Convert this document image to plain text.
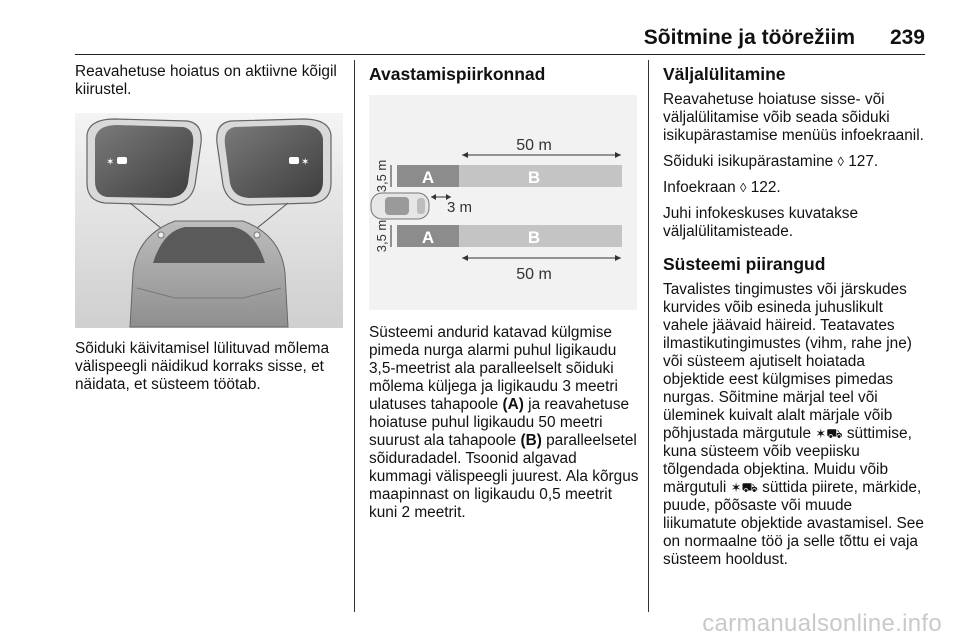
Sõitmine ja töörežiim 239

Reavahetuse hoiatus on aktiivne kõigil kiirustel.

✶	✶

Sõiduki käivitamisel lülituvad mõlema välispeegli näidikud korraks sisse, et näidata, et süsteem töötab.

Avastamispiirkonnad
A	B
A	B
50 m
50 m
3,5 m
3,5 m
3 m

Süsteemi andurid katavad külgmise pimeda nurga alarmi puhul ligikaudu 3,5-meetrist ala paralleelselt sõiduki mõlema küljega ja ligikaudu 3 meetri ulatuses tahapoole (A) ja reavahetuse hoiatuse puhul ligikaudu 50 meetri suurust ala tahapoole (B) paralleelsetel sõiduradadel. Tsoonid algavad kummagi välispeegli juurest. Ala kõrgus maapinnast on ligikaudu 0,5 meetrit kuni 2 meetrit.

Väljalülitamine

Reavahetuse hoiatuse sisse- või väljalülitamise võib seada sõiduki isikupärastamise menüüs infoekraanil.

Sõiduki isikupärastamine ◊ 127.

Infoekraan ◊ 122.

Juhi infokeskuses kuvatakse väljalülitamisteade.

Süsteemi piirangud

Tavalistes tingimustes või järskudes kurvides võib esineda juhuslikult vahele jäävaid häireid. Teatavates ilmastikutingimustes (vihm, rahe jne) või süsteem ajutiselt hoiatada objektide eest külgmises pimedas nurgas. Sõitmine märjal teel või üleminek kuivalt alalt märjale võib põhjustada märgutule ✶⛟ süttimise, kuna süsteem võib veepiisku tõlgendada objektina. Muidu võib märgutuli ✶⛟ süttida piirete, märkide, puude, põõsaste või muude liikumatute objektide avastamisel. See on normaalne töö ja selle tõttu ei vaja süsteem hooldust.

carmanualsonline.info
